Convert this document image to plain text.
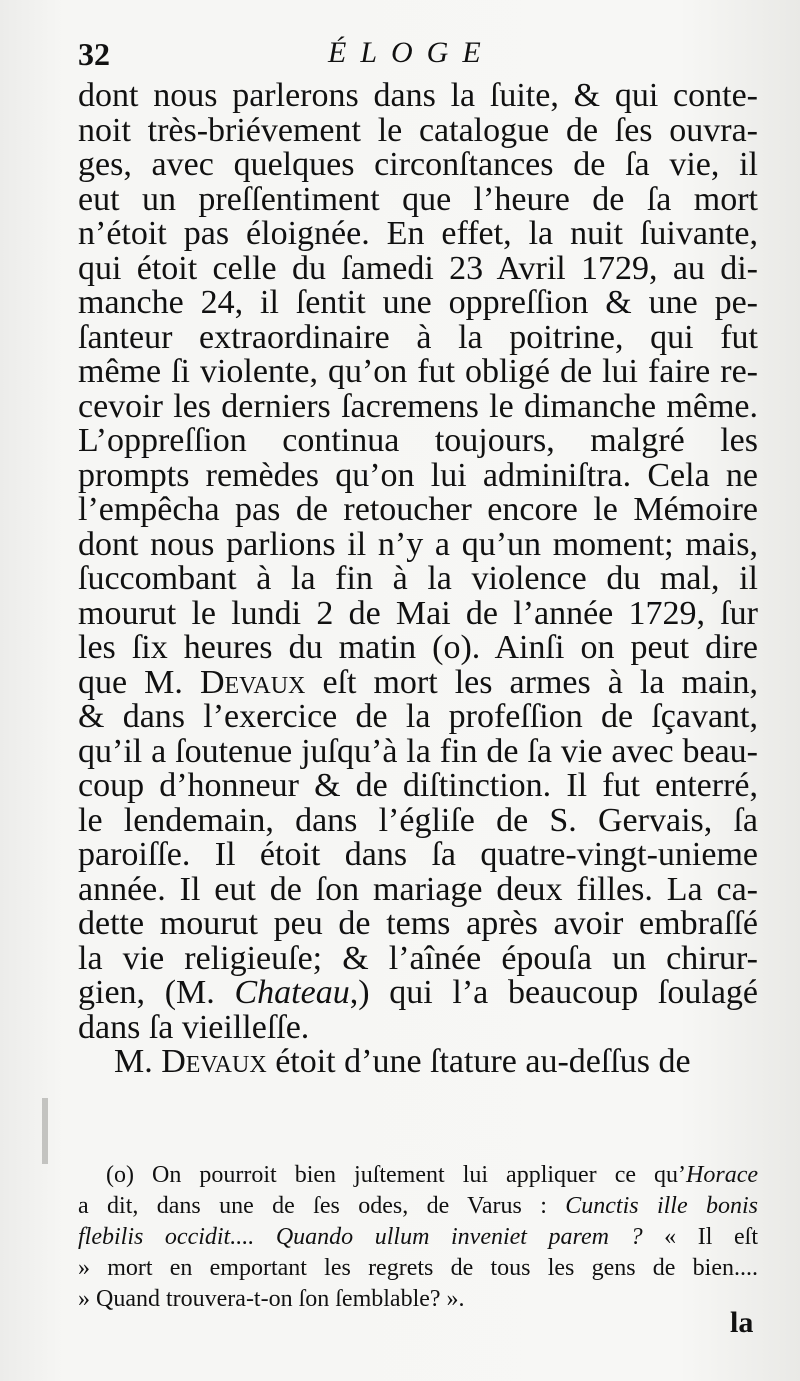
32	ÉLOGE
dont nous parlerons dans la ſuite, & qui conte-
noit très-briévement le catalogue de ſes ouvra-
ges, avec quelques circonſtances de ſa vie, il
eut un preſſentiment que l’heure de ſa mort
n’étoit pas éloignée. En effet, la nuit ſuivante,
qui étoit celle du ſamedi 23 Avril 1729, au di-
manche 24, il ſentit une oppreſſion & une pe-
ſanteur extraordinaire à la poitrine, qui fut
même ſi violente, qu’on fut obligé de lui faire re-
cevoir les derniers ſacremens le dimanche même.
L’oppreſſion continua toujours, malgré les
prompts remèdes qu’on lui adminiſtra. Cela ne
l’empêcha pas de retoucher encore le Mémoire
dont nous parlions il n’y a qu’un moment; mais,
ſuccombant à la fin à la violence du mal, il
mourut le lundi 2 de Mai de l’année 1729, ſur
les ſix heures du matin (o). Ainſi on peut dire
que M. Devaux eſt mort les armes à la main,
& dans l’exercice de la profeſſion de ſçavant,
qu’il a ſoutenue juſqu’à la fin de ſa vie avec beau-
coup d’honneur & de diſtinction. Il fut enterré,
le lendemain, dans l’égliſe de S. Gervais, ſa
paroiſſe. Il étoit dans ſa quatre-vingt-unieme
année. Il eut de ſon mariage deux filles. La ca-
dette mourut peu de tems après avoir embraſſé
la vie religieuſe; & l’aînée épouſa un chirur-
gien, (M. Chateau,) qui l’a beaucoup ſoulagé
dans ſa vieilleſſe.
M. Devaux étoit d’une ſtature au-deſſus de
(o) On pourroit bien juſtement lui appliquer ce qu’Horace
a dit, dans une de ſes odes, de Varus : Cunctis ille bonis
flebilis occidit.... Quando ullum inveniet parem ? « Il eſt
» mort en emportant les regrets de tous les gens de bien....
» Quand trouvera-t-on ſon ſemblable? ».
la
